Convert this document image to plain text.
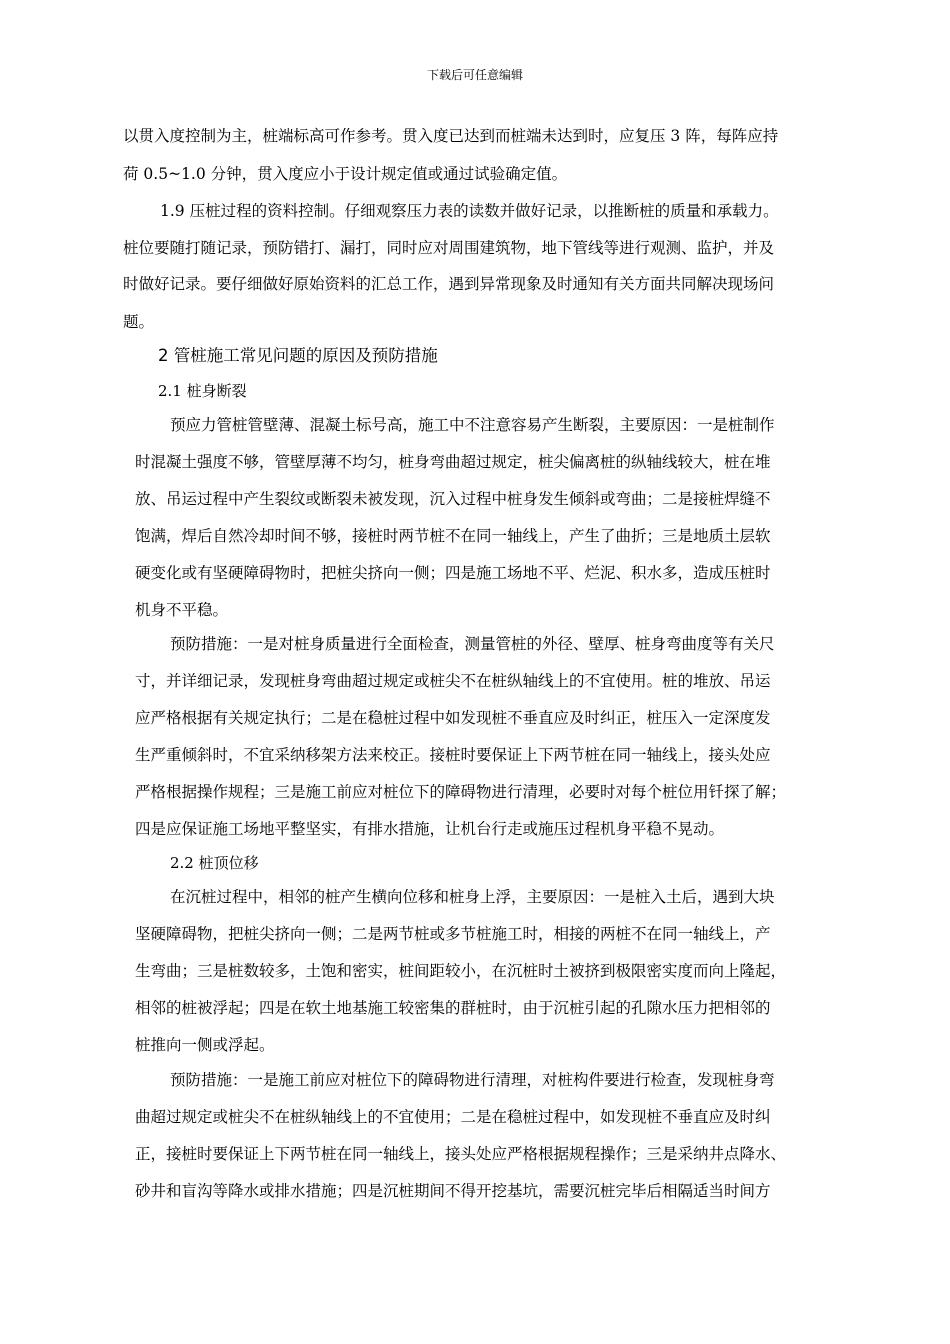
下载后可任意编辑
以贯入度控制为主，桩端标高可作参考。贯入度已达到而桩端未达到时，应复压 3 阵，每阵应持
荷 0.5~1.0 分钟，贯入度应小于设计规定值或通过试验确定值。
1.9 压桩过程的资料控制。仔细观察压力表的读数并做好记录，以推断桩的质量和承载力。
桩位要随打随记录，预防错打、漏打，同时应对周围建筑物，地下管线等进行观测、监护，并及
时做好记录。要仔细做好原始资料的汇总工作，遇到异常现象及时通知有关方面共同解决现场问
题。
2 管桩施工常见问题的原因及预防措施
2.1 桩身断裂
预应力管桩管壁薄、混凝土标号高，施工中不注意容易产生断裂，主要原因：一是桩制作
时混凝土强度不够，管壁厚薄不均匀，桩身弯曲超过规定，桩尖偏离桩的纵轴线较大，桩在堆
放、吊运过程中产生裂纹或断裂未被发现，沉入过程中桩身发生倾斜或弯曲；二是接桩焊缝不
饱满，焊后自然冷却时间不够，接桩时两节桩不在同一轴线上，产生了曲折；三是地质土层软
硬变化或有坚硬障碍物时，把桩尖挤向一侧；四是施工场地不平、烂泥、积水多，造成压桩时
机身不平稳。
预防措施：一是对桩身质量进行全面检查，测量管桩的外径、壁厚、桩身弯曲度等有关尺
寸，并详细记录，发现桩身弯曲超过规定或桩尖不在桩纵轴线上的不宜使用。桩的堆放、吊运
应严格根据有关规定执行；二是在稳桩过程中如发现桩不垂直应及时纠正，桩压入一定深度发
生严重倾斜时，不宜采纳移架方法来校正。接桩时要保证上下两节桩在同一轴线上，接头处应
严格根据操作规程；三是施工前应对桩位下的障碍物进行清理，必要时对每个桩位用钎探了解；
四是应保证施工场地平整坚实，有排水措施，让机台行走或施压过程机身平稳不晃动。
2.2 桩顶位移
在沉桩过程中，相邻的桩产生横向位移和桩身上浮，主要原因：一是桩入土后，遇到大块
坚硬障碍物，把桩尖挤向一侧；二是两节桩或多节桩施工时，相接的两桩不在同一轴线上，产
生弯曲；三是桩数较多，土饱和密实，桩间距较小，在沉桩时土被挤到极限密实度而向上隆起，
相邻的桩被浮起；四是在软土地基施工较密集的群桩时，由于沉桩引起的孔隙水压力把相邻的
桩推向一侧或浮起。
预防措施：一是施工前应对桩位下的障碍物进行清理，对桩构件要进行检查，发现桩身弯
曲超过规定或桩尖不在桩纵轴线上的不宜使用；二是在稳桩过程中，如发现桩不垂直应及时纠
正，接桩时要保证上下两节桩在同一轴线上，接头处应严格根据规程操作；三是采纳井点降水、
砂井和盲沟等降水或排水措施；四是沉桩期间不得开挖基坑，需要沉桩完毕后相隔适当时间方
